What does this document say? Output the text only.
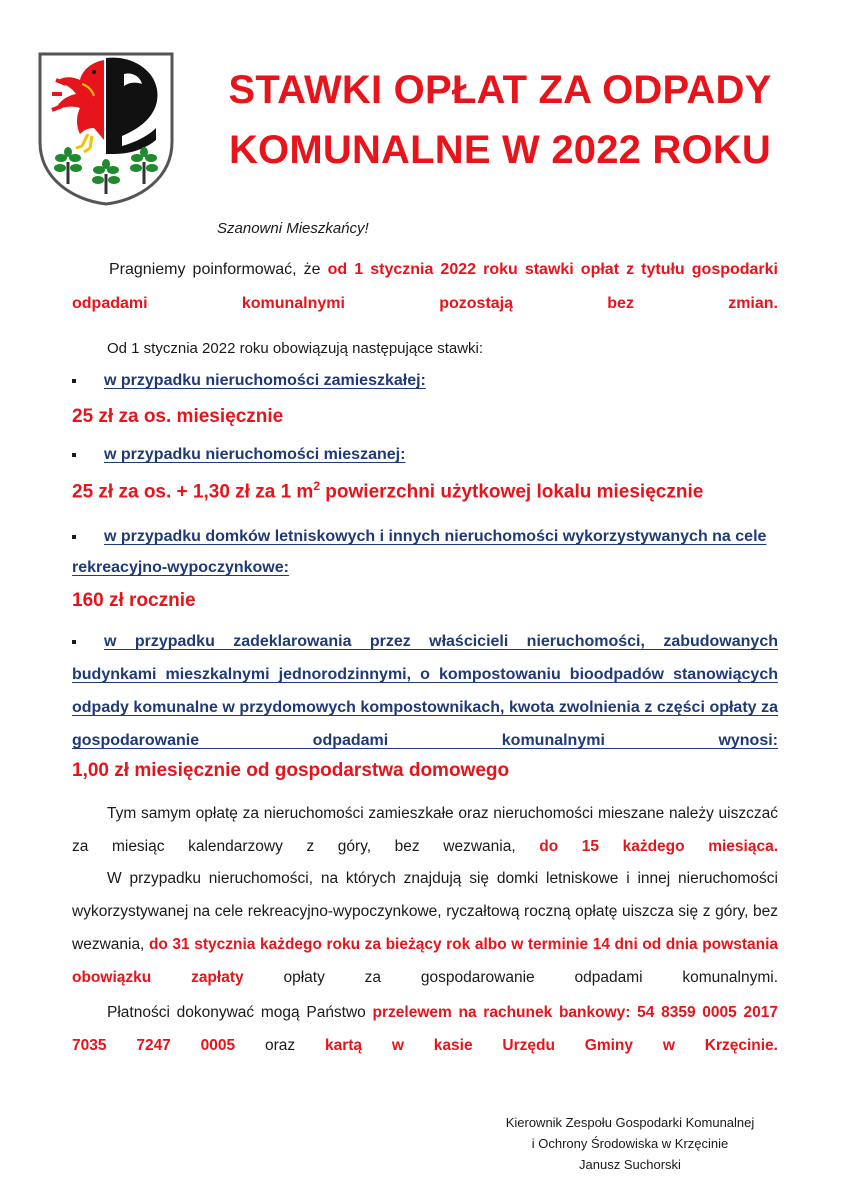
STAWKI OPŁAT ZA ODPADY
KOMUNALNE W 2022 ROKU
Szanowni Mieszkańcy!
Pragniemy poinformować, że od 1 stycznia 2022 roku stawki opłat z tytułu gospodarki odpadami komunalnymi pozostają bez zmian.
Od 1 stycznia 2022 roku obowiązują następujące stawki:
w przypadku nieruchomości zamieszkałej:
25 zł za os. miesięcznie
w przypadku nieruchomości mieszanej:
25 zł za os. + 1,30 zł za 1 $m^2$ powierzchni użytkowej lokalu miesięcznie
w przypadku domków letniskowych i innych nieruchomości wykorzystywanych na cele rekreacyjno-wypoczynkowe:
160 zł rocznie
w przypadku zadeklarowania przez właścicieli nieruchomości, zabudowanych budynkami mieszkalnymi jednorodzinnymi, o kompostowaniu bioodpadów stanowiących odpady komunalne w przydomowych kompostownikach, kwota zwolnienia z części opłaty za gospodarowanie odpadami komunalnymi wynosi:
1,00 zł miesięcznie od gospodarstwa domowego
Tym samym opłatę za nieruchomości zamieszkałe oraz nieruchomości mieszane należy uiszczać za miesiąc kalendarzowy z góry, bez wezwania, do 15 każdego miesiąca.
W przypadku nieruchomości, na których znajdują się domki letniskowe i innej nieruchomości wykorzystywanej na cele rekreacyjno-wypoczynkowe, ryczałtową roczną opłatę uiszcza się z góry, bez wezwania, do 31 stycznia każdego roku za bieżący rok albo w terminie 14 dni od dnia powstania obowiązku zapłaty	opłaty za gospodarowanie odpadami komunalnymi.
Płatności dokonywać mogą Państwo przelewem na rachunek bankowy: 54 8359 0005 2017 7035 7247 0005 oraz kartą w kasie Urzędu Gminy w Krzęcinie.
Kierownik Zespołu Gospodarki Komunalnej
i Ochrony Środowiska w Krzęcinie
Janusz Suchorski
